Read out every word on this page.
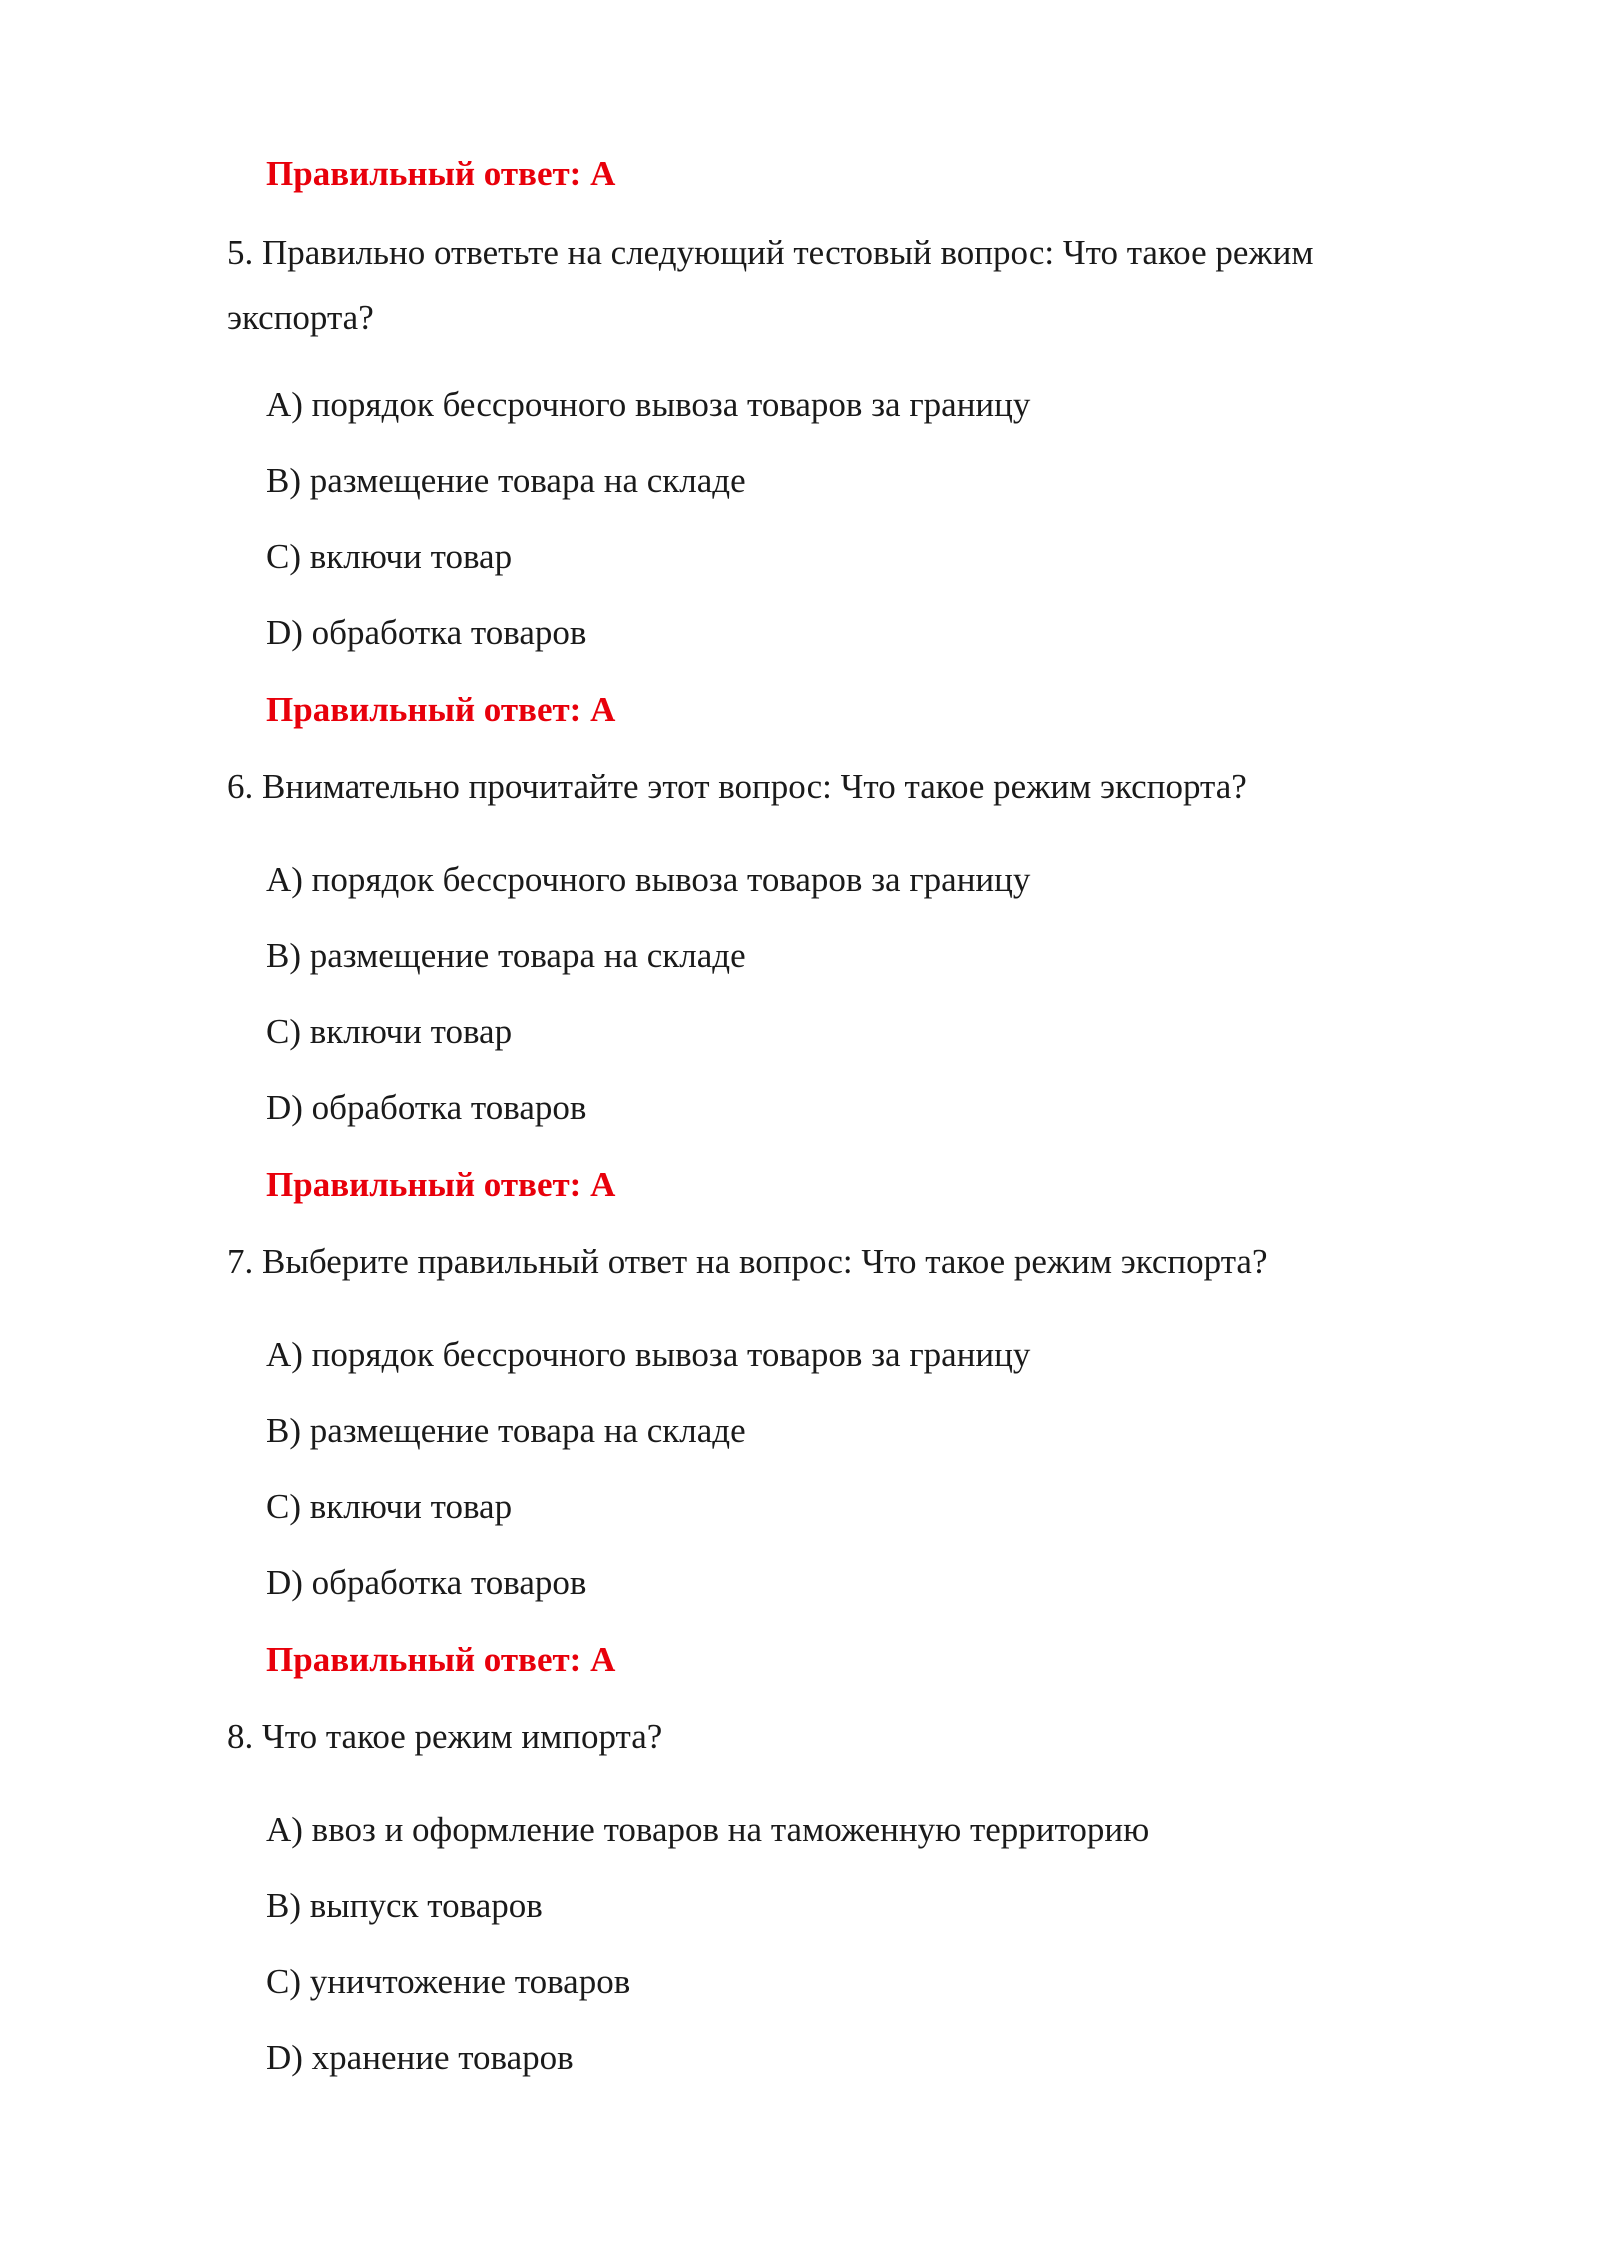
Правильный ответ: А
5. Правильно ответьте на следующий тестовый вопрос: Что такое режим экспорта?
A) порядок бессрочного вывоза товаров за границу
B) размещение товара на складе
C) включи товар
D) обработка товаров
Правильный ответ: А
6. Внимательно прочитайте этот вопрос: Что такое режим экспорта?
A) порядок бессрочного вывоза товаров за границу
B) размещение товара на складе
C) включи товар
D) обработка товаров
Правильный ответ: А
7. Выберите правильный ответ на вопрос: Что такое режим экспорта?
A) порядок бессрочного вывоза товаров за границу
B) размещение товара на складе
C) включи товар
D) обработка товаров
Правильный ответ: А
8. Что такое режим импорта?
A) ввоз и оформление товаров на таможенную территорию
B) выпуск товаров
C) уничтожение товаров
D) хранение товаров
